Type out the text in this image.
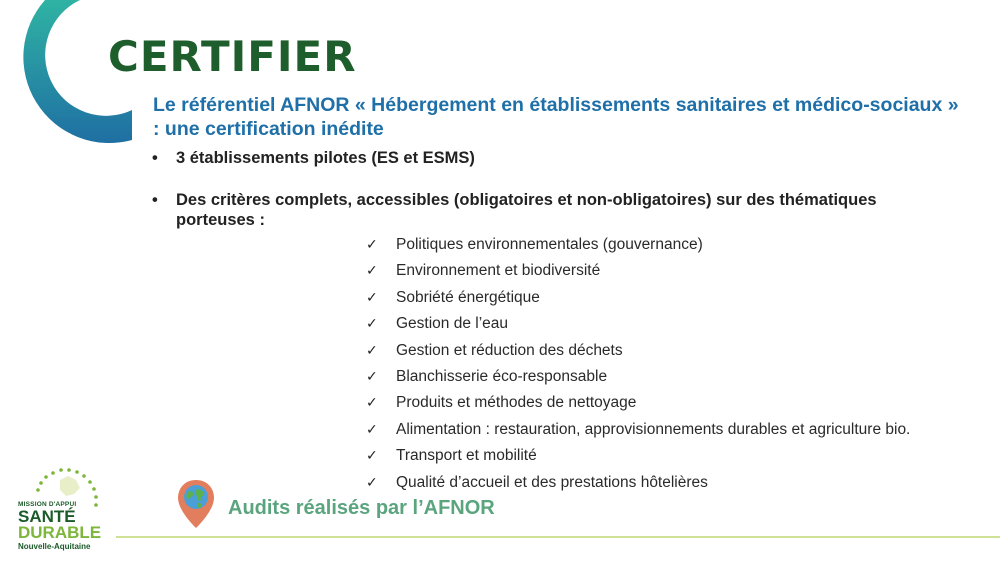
CERTIFIER

Le référentiel AFNOR « Hébergement en établissements sanitaires et médico-sociaux » : une certification inédite

• 3 établissements pilotes (ES et ESMS)
• Des critères complets, accessibles (obligatoires et non-obligatoires) sur des thématiques porteuses :
✓ Politiques environnementales (gouvernance)
✓ Environnement et biodiversité
✓ Sobriété énergétique
✓ Gestion de l’eau
✓ Gestion et réduction des déchets
✓ Blanchisserie éco-responsable
✓ Produits et méthodes de nettoyage
✓ Alimentation : restauration, approvisionnements durables et agriculture bio.
✓ Transport et mobilité
✓ Qualité d’accueil et des prestations hôtelières
Audits réalisés par l’AFNOR
MISSION D'APPUI
SANTÉ
DURABLE
Nouvelle-Aquitaine
